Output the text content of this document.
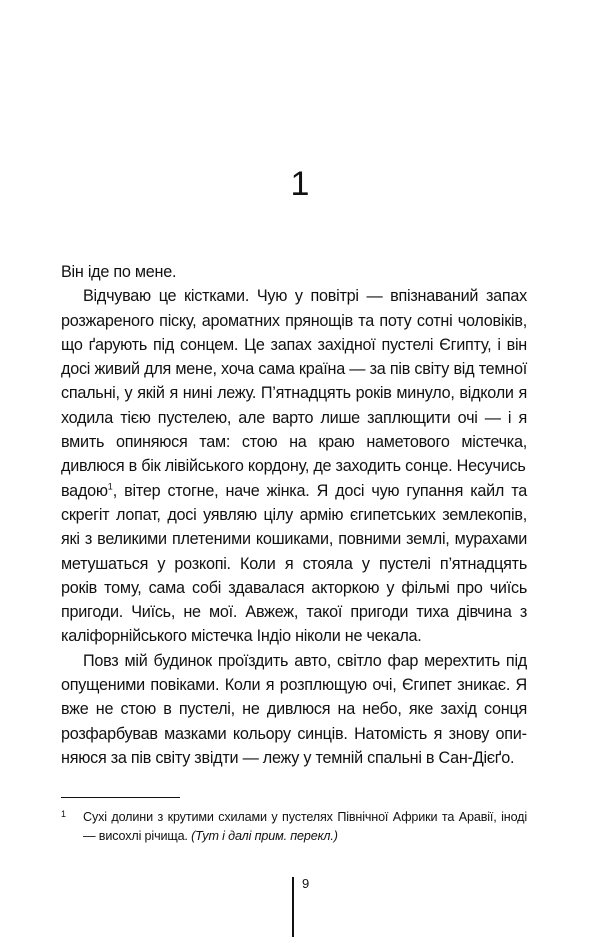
1

Він іде по мене.

Відчуваю це кістками. Чую у повітрі — впізнаваний запах розжареного піску, ароматних прянощів та поту сотні чоловіків, що ґарують під сонцем. Це запах західної пустелі Єгипту, і він досі живий для мене, хоча сама країна — за пів світу від темної спальні, у якій я нині лежу. П’ятнадцять років минуло, відколи я ходила тією пустелею, але варто лише заплющити очі — і я вмить опиняюся там: стою на краю наметового містечка, дивлюся в бік лівійського кордону, де заходить сонце. Несучись
вадою$^1$, вітер стогне, наче жінка. Я досі чую гупання кайл та скрегіт лопат, досі уявляю цілу армію єгипетських землекопів, які з великими плетеними кошиками, повними землі, мурахами метушаться у розкопі. Коли я стояла у пустелі п’ятнадцять років тому, сама собі здавалася акторкою у фільмі про чиїсь пригоди. Чиїсь, не мої. Авжеж, такої пригоди тиха дівчина з каліфорнійського містечка Індіо ніколи не чекала.

Повз мій будинок проїздить авто, світло фар мерехтить під опущеними повіками. Коли я розплющую очі, Єгипет зникає. Я вже не стою в пустелі, не дивлюся на небо, яке захід сонця розфарбував мазками кольору синців. Натомість я знову опиняюся за пів світу звідти — лежу у темній спальні в Сан-Дієґо.

1 Сухі долини з крутими схилами у пустелях Північної Африки та Аравії, іноді — висохлі річища. (Тут і далі прим. перекл.)
9
